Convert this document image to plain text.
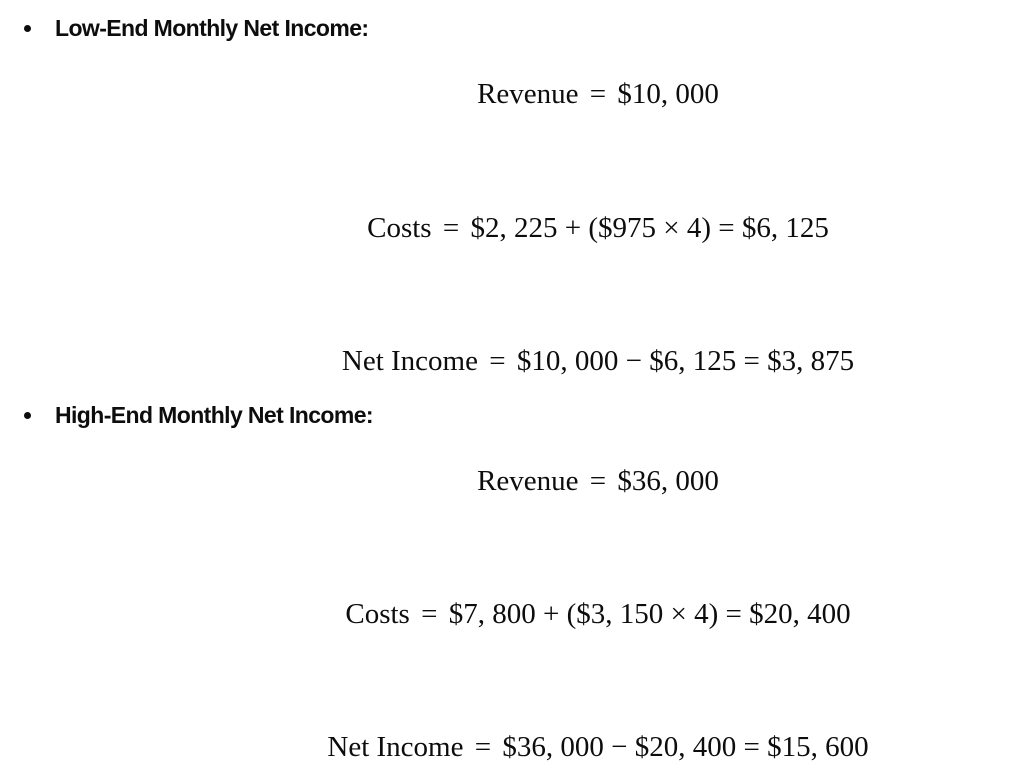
Low-End Monthly Net Income:
Revenue = $10, 000
Costs = $2, 225 + ($975 × 4) = $6, 125
Net Income = $10, 000 − $6, 125 = $3, 875
High-End Monthly Net Income:
Revenue = $36, 000
Costs = $7, 800 + ($3, 150 × 4) = $20, 400
Net Income = $36, 000 − $20, 400 = $15, 600
